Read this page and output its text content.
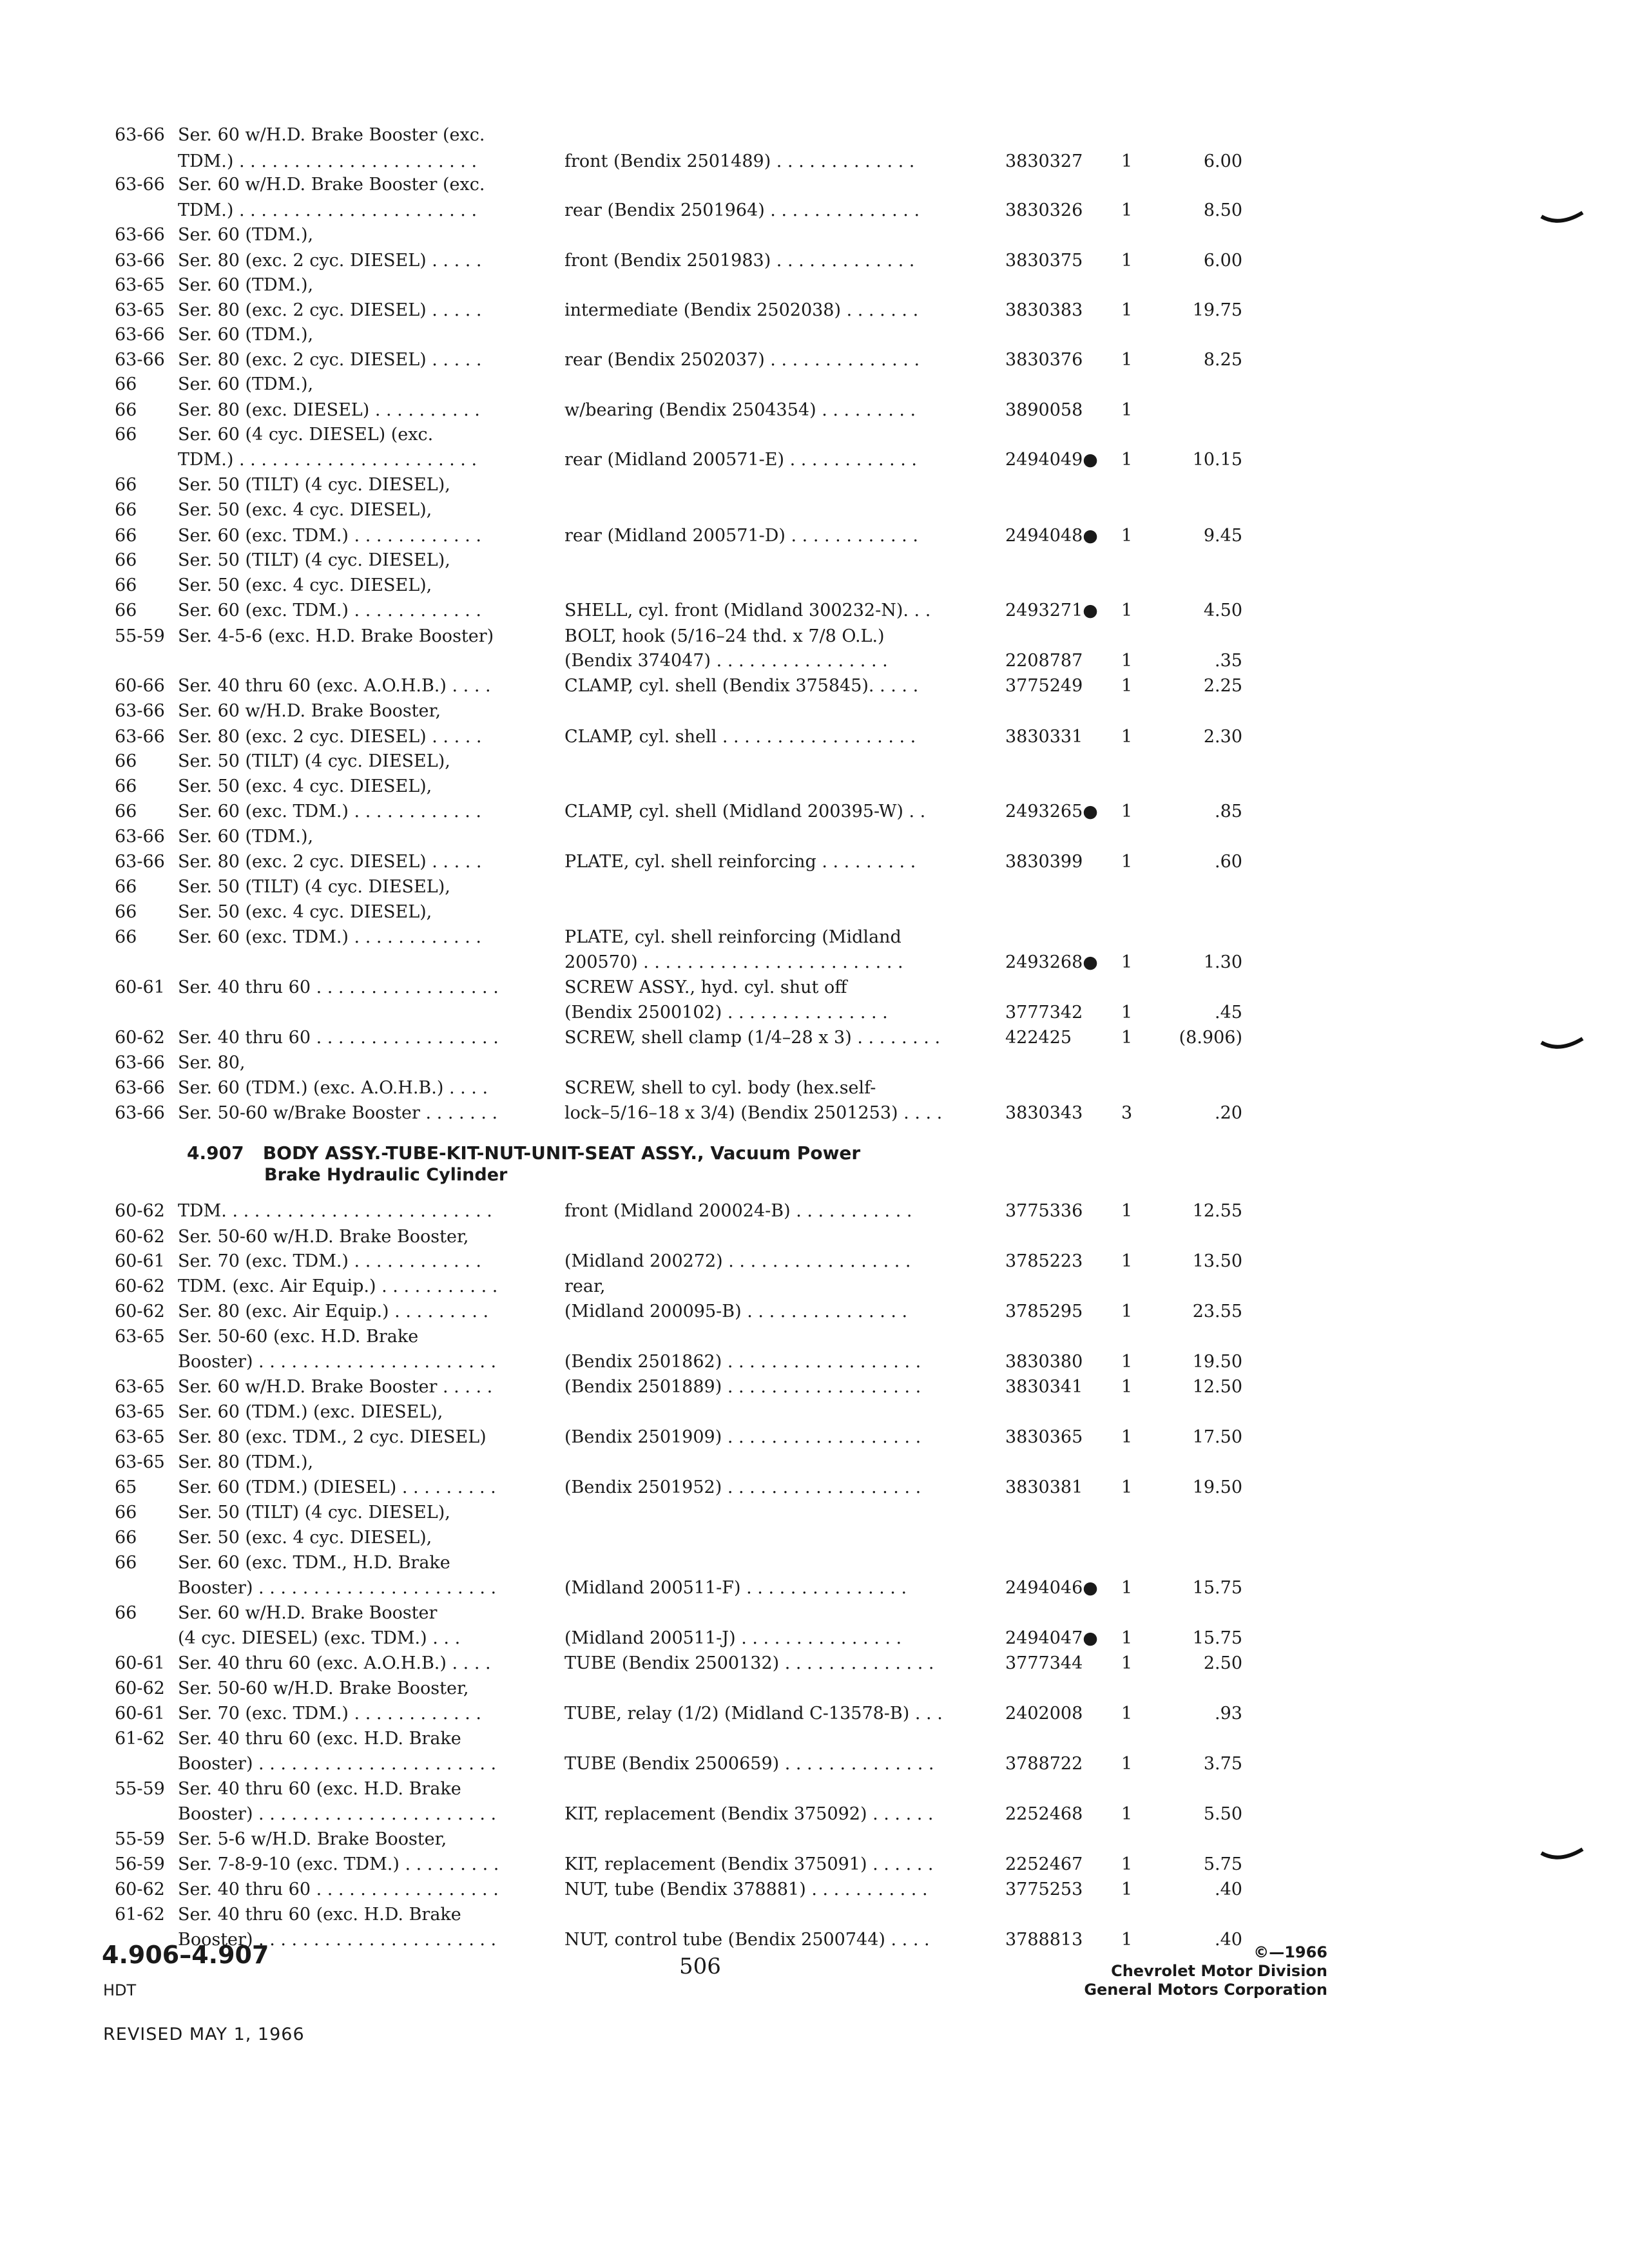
63-66 Ser. 60 w/H.D. Brake Booster (exc.
TDM.) . . . . . . . . . . . . . . . . . . . . . .	front (Bendix 2501489) . . . . . . . . . . . . .	3830327 1	6.00
63-66 Ser. 60 w/H.D. Brake Booster (exc.
TDM.) . . . . . . . . . . . . . . . . . . . . . .	rear (Bendix 2501964) . . . . . . . . . . . . . .	3830326 1	8.50
63-66 Ser. 60 (TDM.),
63-66 Ser. 80 (exc. 2 cyc. DIESEL) . . . . .	front (Bendix 2501983) . . . . . . . . . . . . .	3830375 1	6.00
63-65 Ser. 60 (TDM.),
63-65 Ser. 80 (exc. 2 cyc. DIESEL) . . . . .	intermediate (Bendix 2502038) . . . . . . .	3830383 1	19.75
63-66 Ser. 60 (TDM.),
63-66 Ser. 80 (exc. 2 cyc. DIESEL) . . . . .	rear (Bendix 2502037) . . . . . . . . . . . . . .	3830376 1	8.25
66 Ser. 60 (TDM.),
66 Ser. 80 (exc. DIESEL) . . . . . . . . . .	w/bearing (Bendix 2504354) . . . . . . . . .	3890058 1
66 Ser. 60 (4 cyc. DIESEL) (exc.
TDM.) . . . . . . . . . . . . . . . . . . . . . .	rear (Midland 200571-E) . . . . . . . . . . . .	2494049● 1	10.15
66 Ser. 50 (TILT) (4 cyc. DIESEL),
66 Ser. 50 (exc. 4 cyc. DIESEL),
66 Ser. 60 (exc. TDM.) . . . . . . . . . . . .	rear (Midland 200571-D) . . . . . . . . . . . .	2494048● 1	9.45
66 Ser. 50 (TILT) (4 cyc. DIESEL),
66 Ser. 50 (exc. 4 cyc. DIESEL),
66 Ser. 60 (exc. TDM.) . . . . . . . . . . . .	SHELL, cyl. front (Midland 300232-N). . .	2493271● 1	4.50
55-59 Ser. 4-5-6 (exc. H.D. Brake Booster)	BOLT, hook (5/16–24 thd. x 7/8 O.L.)
(Bendix 374047) . . . . . . . . . . . . . . . .	2208787 1	.35
60-66 Ser. 40 thru 60 (exc. A.O.H.B.) . . . .	CLAMP, cyl. shell (Bendix 375845). . . . .	3775249 1	2.25
63-66 Ser. 60 w/H.D. Brake Booster,
63-66 Ser. 80 (exc. 2 cyc. DIESEL) . . . . .	CLAMP, cyl. shell . . . . . . . . . . . . . . . . . .	3830331 1	2.30
66 Ser. 50 (TILT) (4 cyc. DIESEL),
66 Ser. 50 (exc. 4 cyc. DIESEL),
66 Ser. 60 (exc. TDM.) . . . . . . . . . . . .	CLAMP, cyl. shell (Midland 200395-W) . .	2493265● 1	.85
63-66 Ser. 60 (TDM.),
63-66 Ser. 80 (exc. 2 cyc. DIESEL) . . . . .	PLATE, cyl. shell reinforcing . . . . . . . . .	3830399 1	.60
66 Ser. 50 (TILT) (4 cyc. DIESEL),
66 Ser. 50 (exc. 4 cyc. DIESEL),
66 Ser. 60 (exc. TDM.) . . . . . . . . . . . .	PLATE, cyl. shell reinforcing (Midland
200570) . . . . . . . . . . . . . . . . . . . . . . . .	2493268● 1	1.30
60-61 Ser. 40 thru 60 . . . . . . . . . . . . . . . . .	SCREW ASSY., hyd. cyl. shut off
(Bendix 2500102) . . . . . . . . . . . . . . .	3777342 1	.45
60-62 Ser. 40 thru 60 . . . . . . . . . . . . . . . . .	SCREW, shell clamp (1/4–28 x 3) . . . . . . . .	422425	1	(8.906)
63-66 Ser. 80,
63-66 Ser. 60 (TDM.) (exc. A.O.H.B.) . . . .	SCREW, shell to cyl. body (hex.self-
63-66 Ser. 50-60 w/Brake Booster . . . . . . .	lock–5/16–18 x 3/4) (Bendix 2501253) . . . .	3830343 3	.20
60-62 TDM. . . . . . . . . . . . . . . . . . . . . . . . .	front (Midland 200024-B) . . . . . . . . . . .	3775336 1	12.55
60-62 Ser. 50-60 w/H.D. Brake Booster,
60-61 Ser. 70 (exc. TDM.) . . . . . . . . . . . .	(Midland 200272) . . . . . . . . . . . . . . . . .	3785223 1	13.50
60-62 TDM. (exc. Air Equip.) . . . . . . . . . . .	rear,
60-62 Ser. 80 (exc. Air Equip.) . . . . . . . . .	(Midland 200095-B) . . . . . . . . . . . . . . .	3785295 1	23.55
63-65 Ser. 50-60 (exc. H.D. Brake
Booster) . . . . . . . . . . . . . . . . . . . . . .	(Bendix 2501862) . . . . . . . . . . . . . . . . . .	3830380 1	19.50
63-65 Ser. 60 w/H.D. Brake Booster . . . . .	(Bendix 2501889) . . . . . . . . . . . . . . . . . .	3830341 1	12.50
63-65 Ser. 60 (TDM.) (exc. DIESEL),
63-65 Ser. 80 (exc. TDM., 2 cyc. DIESEL)	(Bendix 2501909) . . . . . . . . . . . . . . . . . .	3830365 1	17.50
63-65 Ser. 80 (TDM.),
65 Ser. 60 (TDM.) (DIESEL) . . . . . . . . .	(Bendix 2501952) . . . . . . . . . . . . . . . . . .	3830381 1	19.50
66 Ser. 50 (TILT) (4 cyc. DIESEL),
66 Ser. 50 (exc. 4 cyc. DIESEL),
66 Ser. 60 (exc. TDM., H.D. Brake
Booster) . . . . . . . . . . . . . . . . . . . . . .	(Midland 200511-F) . . . . . . . . . . . . . . .	2494046● 1	15.75
66 Ser. 60 w/H.D. Brake Booster
(4 cyc. DIESEL) (exc. TDM.) . . .	(Midland 200511-J) . . . . . . . . . . . . . . .	2494047● 1	15.75
60-61 Ser. 40 thru 60 (exc. A.O.H.B.) . . . .	TUBE (Bendix 2500132) . . . . . . . . . . . . . .	3777344 1	2.50
60-62 Ser. 50-60 w/H.D. Brake Booster,
60-61 Ser. 70 (exc. TDM.) . . . . . . . . . . . .	TUBE, relay (1/2) (Midland C-13578-B) . . .	2402008 1	.93
61-62 Ser. 40 thru 60 (exc. H.D. Brake
Booster) . . . . . . . . . . . . . . . . . . . . . .	TUBE (Bendix 2500659) . . . . . . . . . . . . . .	3788722 1	3.75
55-59 Ser. 40 thru 60 (exc. H.D. Brake
Booster) . . . . . . . . . . . . . . . . . . . . . .	KIT, replacement (Bendix 375092) . . . . . .	2252468 1	5.50
55-59 Ser. 5-6 w/H.D. Brake Booster,
56-59 Ser. 7-8-9-10 (exc. TDM.) . . . . . . . . .	KIT, replacement (Bendix 375091) . . . . . .	2252467 1	5.75
60-62 Ser. 40 thru 60 . . . . . . . . . . . . . . . . .	NUT, tube (Bendix 378881) . . . . . . . . . . .	3775253 1	.40
61-62 Ser. 40 thru 60 (exc. H.D. Brake
Booster) . . . . . . . . . . . . . . . . . . . . . .	NUT, control tube (Bendix 2500744) . . . .	3788813 1	.40
4.907 BODY ASSY.-TUBE-KIT-NUT-UNIT-SEAT ASSY., Vacuum Power
Brake Hydraulic Cylinder
4.906–4.907
HDT
REVISED MAY 1, 1966
506
©—1966
Chevrolet Motor Division
General Motors Corporation
